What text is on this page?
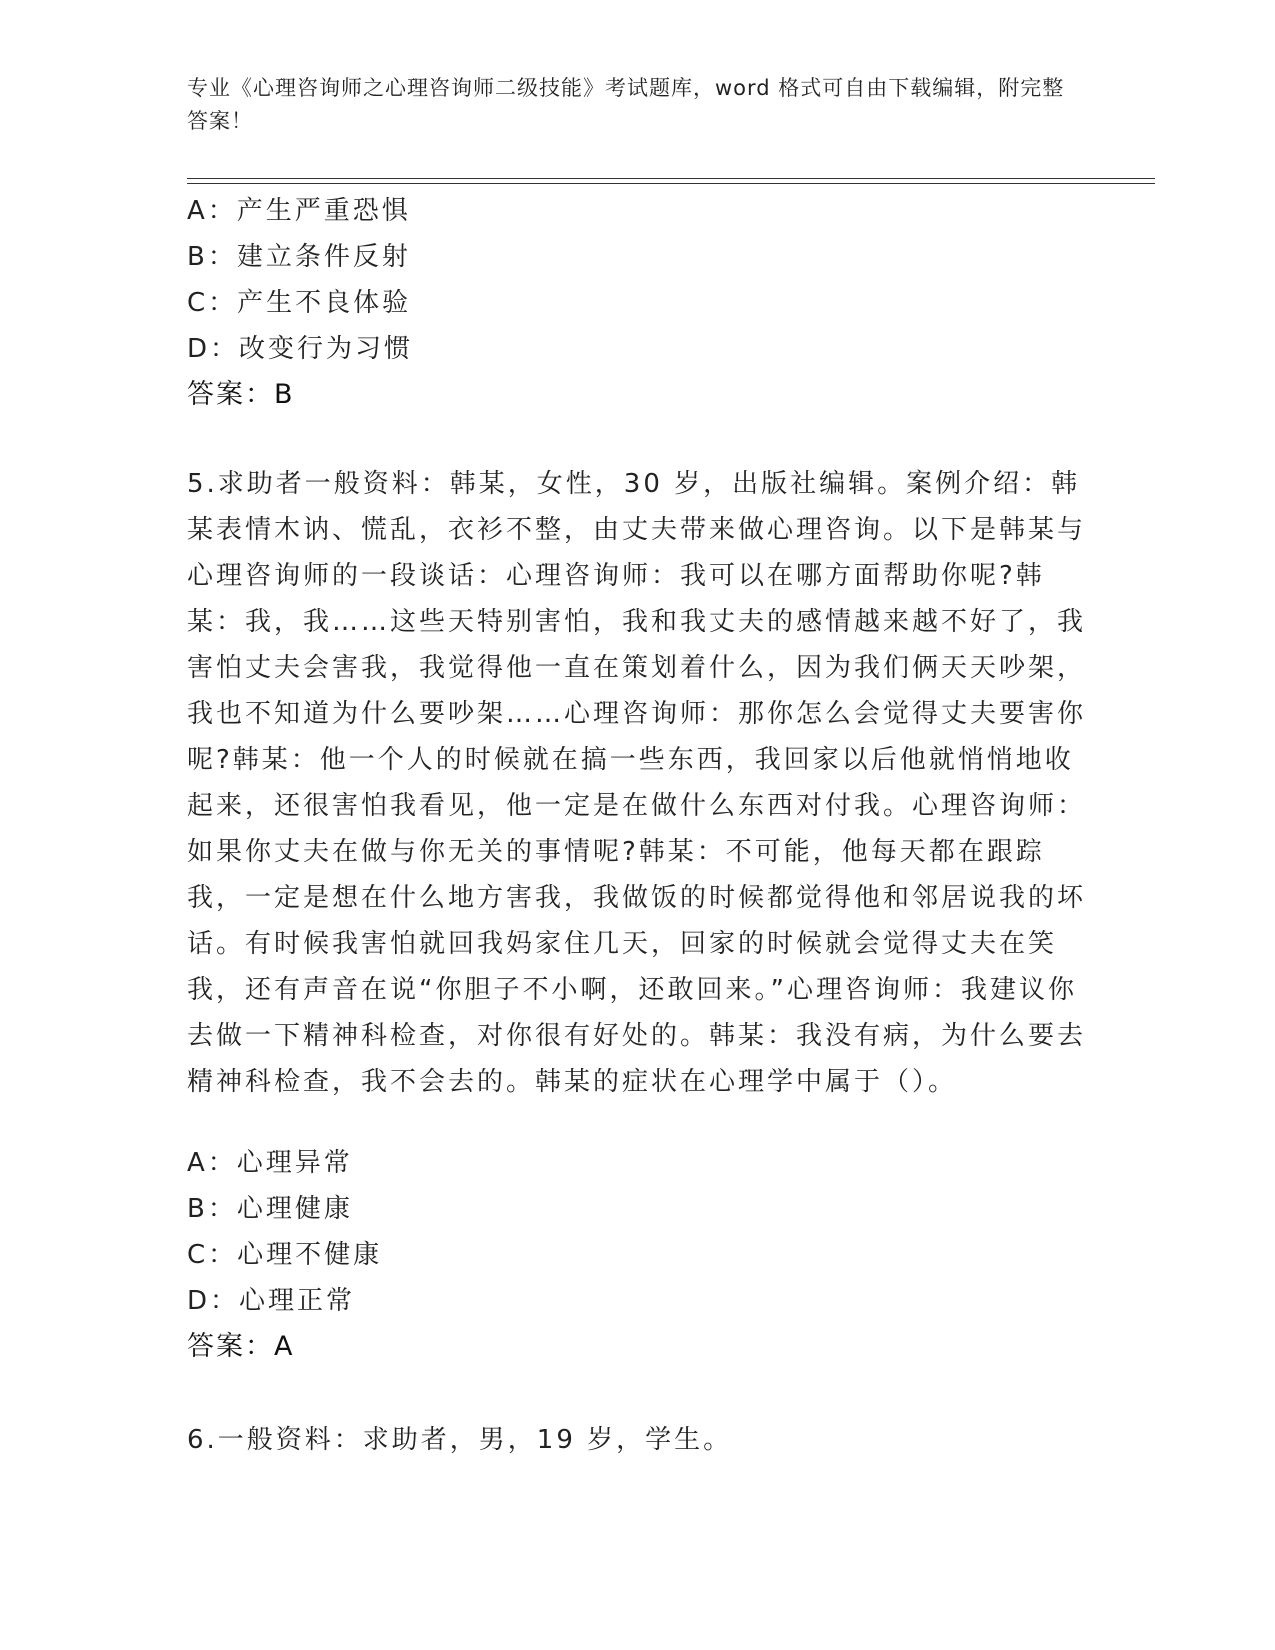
专业《心理咨询师之心理咨询师二级技能》考试题库，word 格式可自由下载编辑，附完整答案！
A：产生严重恐惧
B：建立条件反射
C：产生不良体验
D：改变行为习惯
答案：B
5.求助者一般资料：韩某，女性，30 岁，出版社编辑。案例介绍：韩某表情木讷、慌乱，衣衫不整，由丈夫带来做心理咨询。以下是韩某与心理咨询师的一段谈话：心理咨询师：我可以在哪方面帮助你呢?韩某：我，我……这些天特别害怕，我和我丈夫的感情越来越不好了，我害怕丈夫会害我，我觉得他一直在策划着什么，因为我们俩天天吵架，我也不知道为什么要吵架……心理咨询师：那你怎么会觉得丈夫要害你呢?韩某：他一个人的时候就在搞一些东西，我回家以后他就悄悄地收起来，还很害怕我看见，他一定是在做什么东西对付我。心理咨询师：如果你丈夫在做与你无关的事情呢?韩某：不可能，他每天都在跟踪我，一定是想在什么地方害我，我做饭的时候都觉得他和邻居说我的坏话。有时候我害怕就回我妈家住几天，回家的时候就会觉得丈夫在笑我，还有声音在说“你胆子不小啊，还敢回来。”心理咨询师：我建议你去做一下精神科检查，对你很有好处的。韩某：我没有病，为什么要去精神科检查，我不会去的。韩某的症状在心理学中属于（）。
A：心理异常
B：心理健康
C：心理不健康
D：心理正常
答案：A
6.一般资料：求助者，男，19 岁，学生。
